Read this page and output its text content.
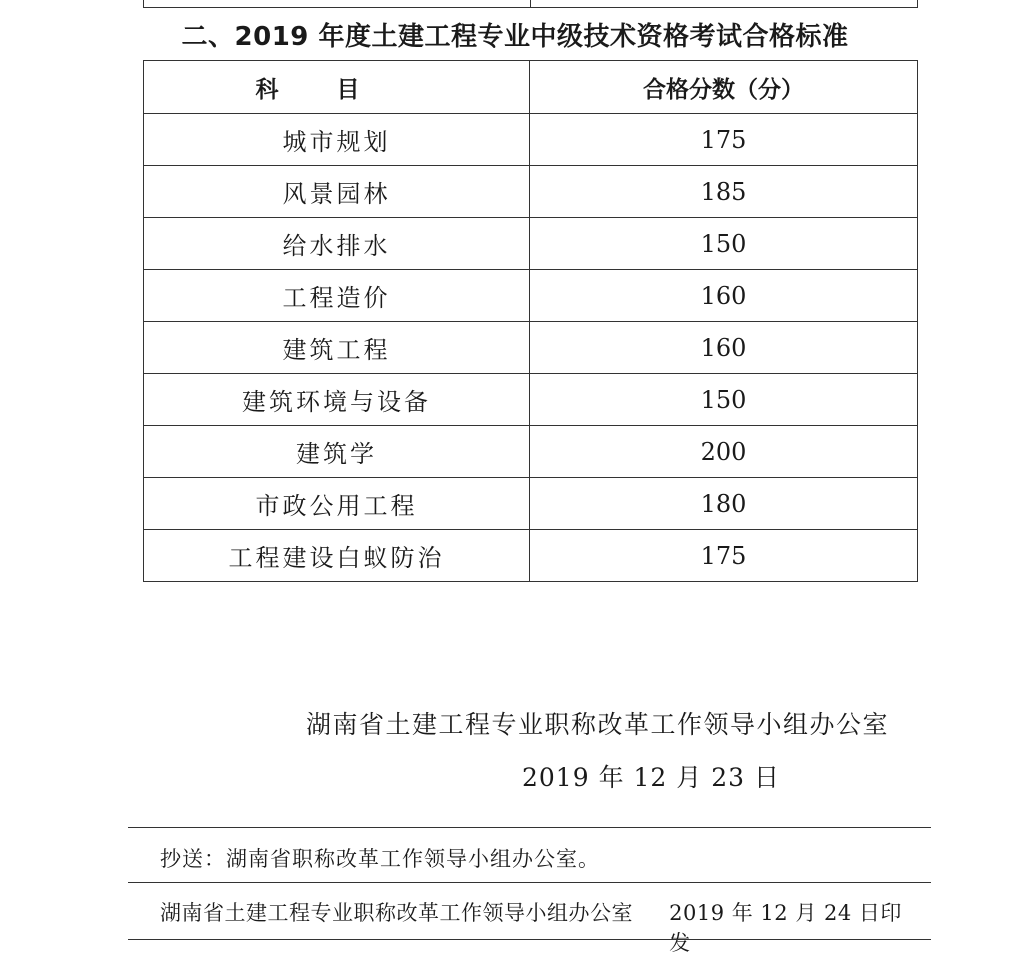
二、2019 年度土建工程专业中级技术资格考试合格标准
科目	合格分数（分）
城市规划	175
风景园林	185
给水排水	150
工程造价	160
建筑工程	160
建筑环境与设备	150
建筑学	200
市政公用工程	180
工程建设白蚁防治	175
湖南省土建工程专业职称改革工作领导小组办公室
2019 年 12 月 23 日
抄送：湖南省职称改革工作领导小组办公室。
湖南省土建工程专业职称改革工作领导小组办公室	2019 年 12 月 24 日印发
